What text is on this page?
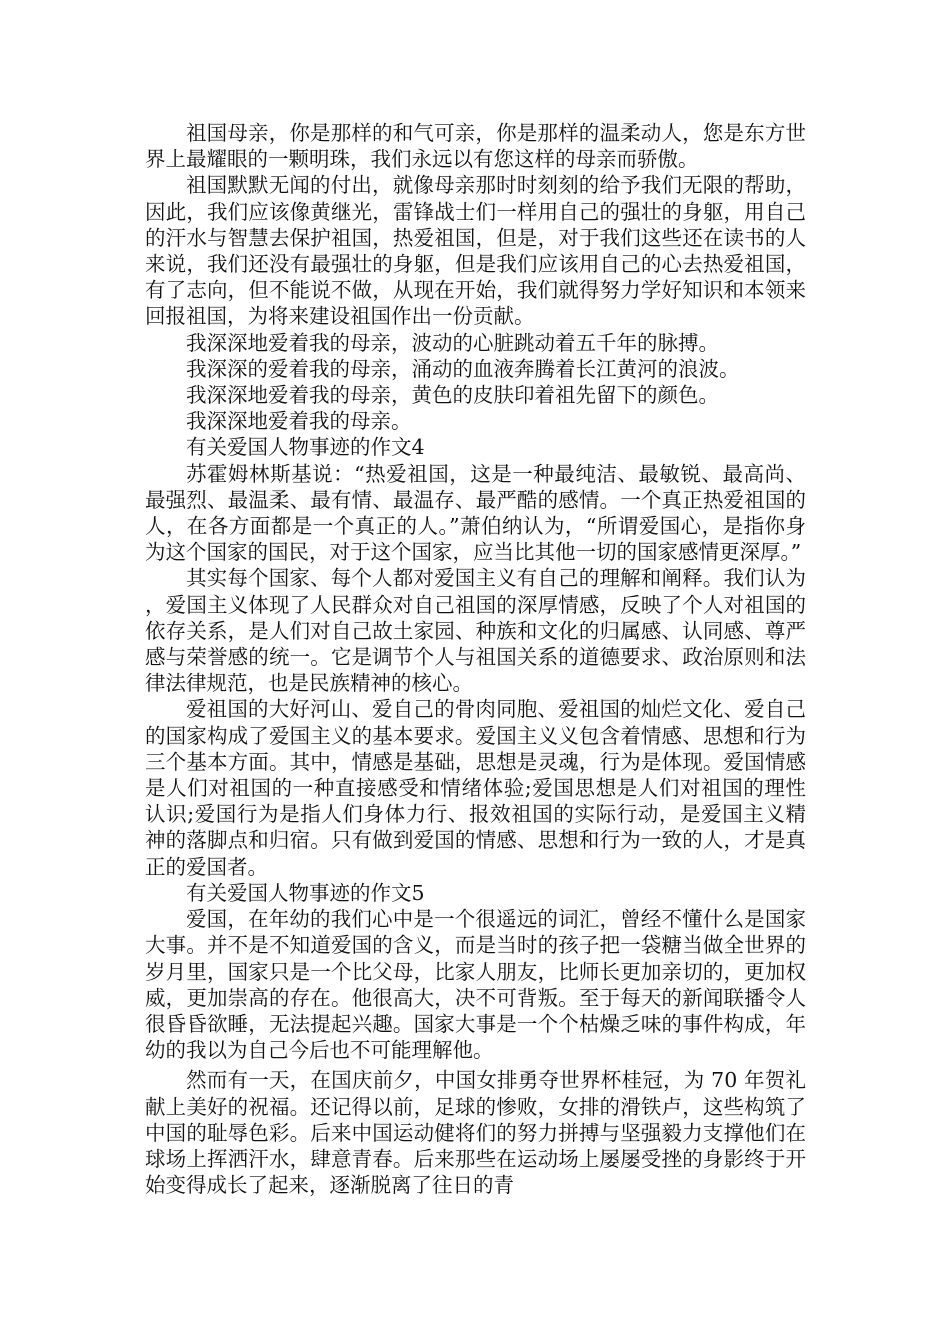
祖国母亲，你是那样的和气可亲，你是那样的温柔动人，您是东方世界上最耀眼的一颗明珠，我们永远以有您这样的母亲而骄傲。

祖国默默无闻的付出，就像母亲那时时刻刻的给予我们无限的帮助，因此，我们应该像黄继光，雷锋战士们一样用自己的强壮的身躯，用自己的汗水与智慧去保护祖国，热爱祖国，但是，对于我们这些还在读书的人来说，我们还没有最强壮的身躯，但是我们应该用自己的心去热爱祖国，有了志向，但不能说不做，从现在开始，我们就得努力学好知识和本领来回报祖国，为将来建设祖国作出一份贡献。

我深深地爱着我的母亲，波动的心脏跳动着五千年的脉搏。

我深深的爱着我的母亲，涌动的血液奔腾着长江黄河的浪波。

我深深地爱着我的母亲，黄色的皮肤印着祖先留下的颜色。

我深深地爱着我的母亲。

有关爱国人物事迹的作文4

苏霍姆林斯基说：“热爱祖国，这是一种最纯洁、最敏锐、最高尚、最强烈、最温柔、最有情、最温存、最严酷的感情。一个真正热爱祖国的人，在各方面都是一个真正的人。”萧伯纳认为，“所谓爱国心，是指你身为这个国家的国民，对于这个国家，应当比其他一切的国家感情更深厚。”

其实每个国家、每个人都对爱国主义有自己的理解和阐释。我们认为，爱国主义体现了人民群众对自己祖国的深厚情感，反映了个人对祖国的依存关系，是人们对自己故土家园、种族和文化的归属感、认同感、尊严感与荣誉感的统一。它是调节个人与祖国关系的道德要求、政治原则和法律法律规范，也是民族精神的核心。

爱祖国的大好河山、爱自己的骨肉同胞、爱祖国的灿烂文化、爱自己的国家构成了爱国主义的基本要求。爱国主义义包含着情感、思想和行为三个基本方面。其中，情感是基础，思想是灵魂，行为是体现。爱国情感是人们对祖国的一种直接感受和情绪体验;爱国思想是人们对祖国的理性认识;爱国行为是指人们身体力行、报效祖国的实际行动，是爱国主义精神的落脚点和归宿。只有做到爱国的情感、思想和行为一致的人，才是真正的爱国者。

有关爱国人物事迹的作文5

爱国，在年幼的我们心中是一个很遥远的词汇，曾经不懂什么是国家大事。并不是不知道爱国的含义，而是当时的孩子把一袋糖当做全世界的岁月里，国家只是一个比父母，比家人朋友，比师长更加亲切的，更加权威，更加崇高的存在。他很高大，决不可背叛。至于每天的新闻联播令人很昏昏欲睡，无法提起兴趣。国家大事是一个个枯燥乏味的事件构成，年幼的我以为自己今后也不可能理解他。

然而有一天，在国庆前夕，中国女排勇夺世界杯桂冠，为 70 年贺礼献上美好的祝福。还记得以前，足球的惨败，女排的滑铁卢，这些构筑了中国的耻辱色彩。后来中国运动健将们的努力拼搏与坚强毅力支撑他们在球场上挥洒汗水，肆意青春。后来那些在运动场上屡屡受挫的身影终于开始变得成长了起来，逐渐脱离了往日的青
